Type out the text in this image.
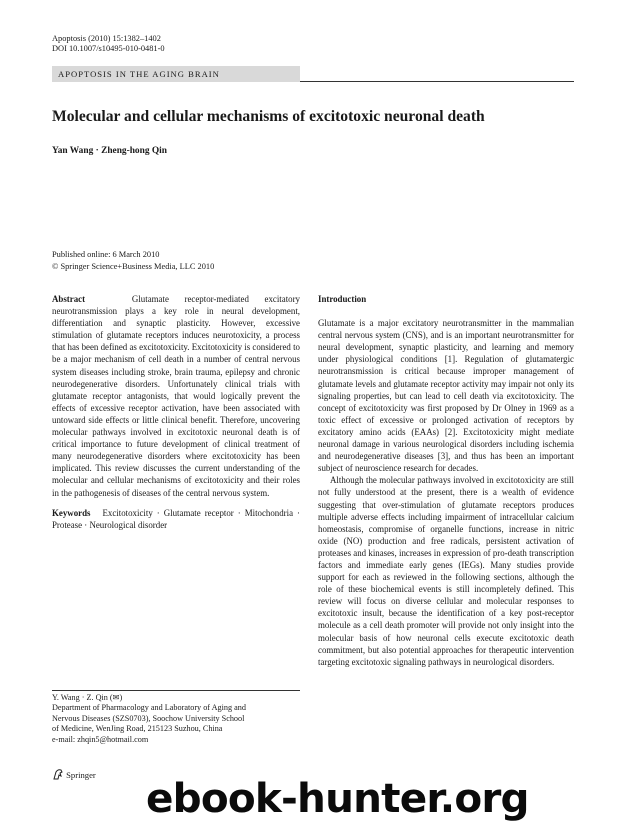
Apoptosis (2010) 15:1382–1402
DOI 10.1007/s10495-010-0481-0
APOPTOSIS IN THE AGING BRAIN
Molecular and cellular mechanisms of excitotoxic neuronal death
Yan Wang · Zheng-hong Qin
Published online: 6 March 2010
© Springer Science+Business Media, LLC 2010

Abstract	Glutamate receptor-mediated excitatory neurotransmission plays a key role in neural development, differentiation and synaptic plasticity. However, excessive stimulation of glutamate receptors induces neurotoxicity, a process that has been defined as excitotoxicity. Excitotoxicity is considered to be a major mechanism of cell death in a number of central nervous system diseases including stroke, brain trauma, epilepsy and chronic neurodegenerative disorders. Unfortunately clinical trials with glutamate receptor antagonists, that would logically prevent the effects of excessive receptor activation, have been associated with untoward side effects or little clinical benefit. Therefore, uncovering molecular pathways involved in excitotoxic neuronal death is of critical importance to future development of clinical treatment of many neurodegenerative disorders where excitotoxicity has been implicated. This review discusses the current understanding of the molecular and cellular mechanisms of excitotoxicity and their roles in the pathogenesis of diseases of the central nervous system.

Keywords Excitotoxicity · Glutamate receptor · Mitochondria · Protease · Neurological disorder

Introduction

Glutamate is a major excitatory neurotransmitter in the mammalian central nervous system (CNS), and is an important neurotransmitter for neural development, synaptic plasticity, and learning and memory under physiological conditions [1]. Regulation of glutamatergic neurotransmission is critical because improper management of glutamate levels and glutamate receptor activity may impair not only its signaling properties, but can lead to cell death via excitotoxicity. The concept of excitotoxicity was first proposed by Dr Olney in 1969 as a toxic effect of excessive or prolonged activation of receptors by excitatory amino acids (EAAs) [2]. Excitotoxicity might mediate neuronal damage in various neurological disorders including ischemia and neurodegenerative diseases [3], and thus has been an important subject of neuroscience research for decades.

Although the molecular pathways involved in excitotoxicity are still not fully understood at the present, there is a wealth of evidence suggesting that over-stimulation of glutamate receptors produces multiple adverse effects including impairment of intracellular calcium homeostasis, compromise of organelle functions, increase in nitric oxide (NO) production and free radicals, persistent activation of proteases and kinases, increases in expression of pro-death transcription factors and immediate early genes (IEGs). Many studies provide support for each as reviewed in the following sections, although the role of these biochemical events is still incompletely defined. This review will focus on diverse cellular and molecular responses to excitotoxic insult, because the identification of a key post-receptor molecule as a cell death promoter will provide not only insight into the molecular basis of how neuronal cells execute excitotoxic death commitment, but also potential approaches for therapeutic intervention targeting excitotoxic signaling pathways in neurological disorders.

Y. Wang · Z. Qin (✉)
Department of Pharmacology and Laboratory of Aging and
Nervous Diseases (SZS0703), Soochow University School
of Medicine, WenJing Road, 215123 Suzhou, China
e-mail: zhqin5@hotmail.com
Springer ebook-hunter.org
